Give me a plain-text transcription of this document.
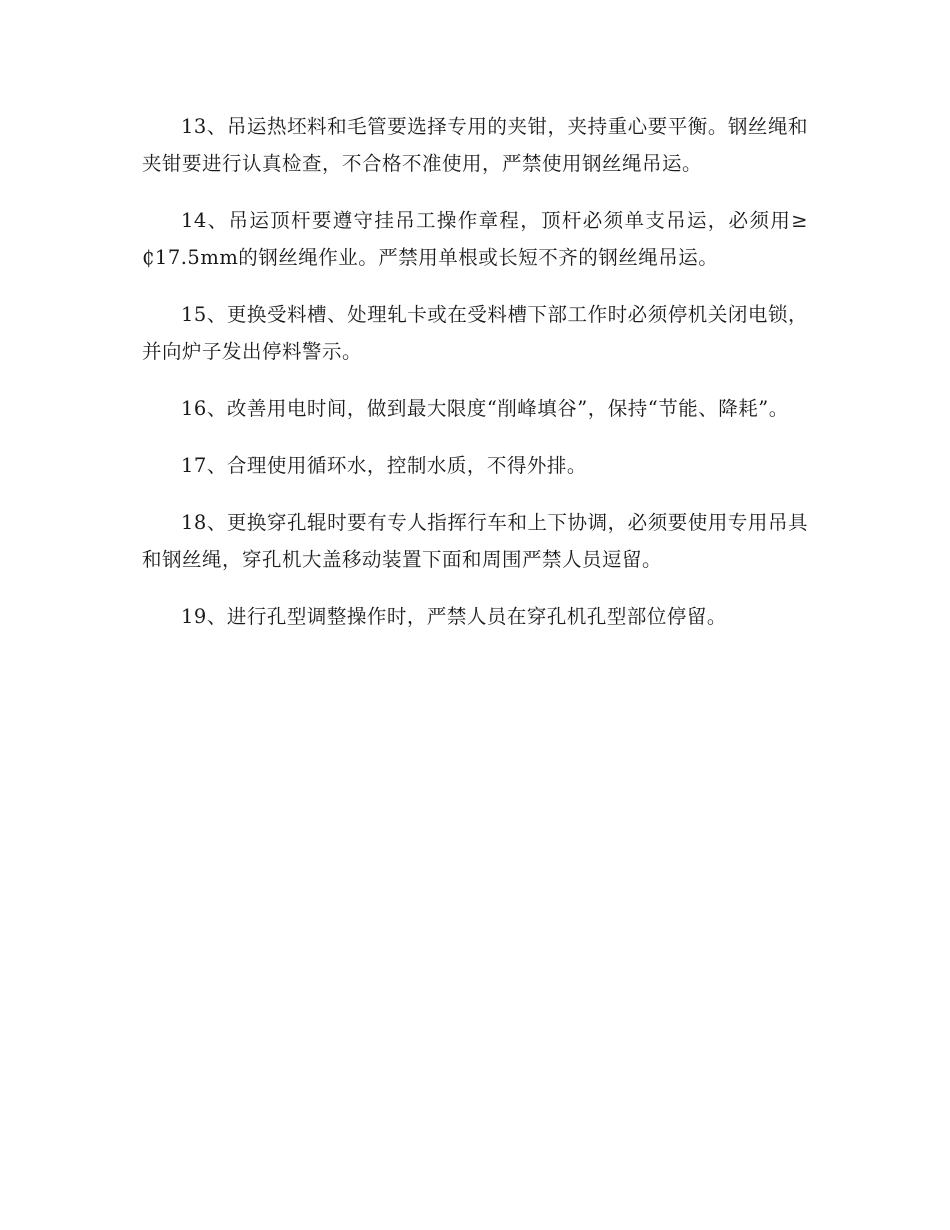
13、吊运热坯料和毛管要选择专用的夹钳，夹持重心要平衡。钢丝绳和夹钳要进行认真检查，不合格不准使用，严禁使用钢丝绳吊运。

14、吊运顶杆要遵守挂吊工操作章程，顶杆必须单支吊运，必须用≥₵17.5mm的钢丝绳作业。严禁用单根或长短不齐的钢丝绳吊运。

15、更换受料槽、处理轧卡或在受料槽下部工作时必须停机关闭电锁，并向炉子发出停料警示。

16、改善用电时间，做到最大限度“削峰填谷”，保持“节能、降耗”。

17、合理使用循环水，控制水质，不得外排。

18、更换穿孔辊时要有专人指挥行车和上下协调，必须要使用专用吊具和钢丝绳，穿孔机大盖移动装置下面和周围严禁人员逗留。

19、进行孔型调整操作时，严禁人员在穿孔机孔型部位停留。
